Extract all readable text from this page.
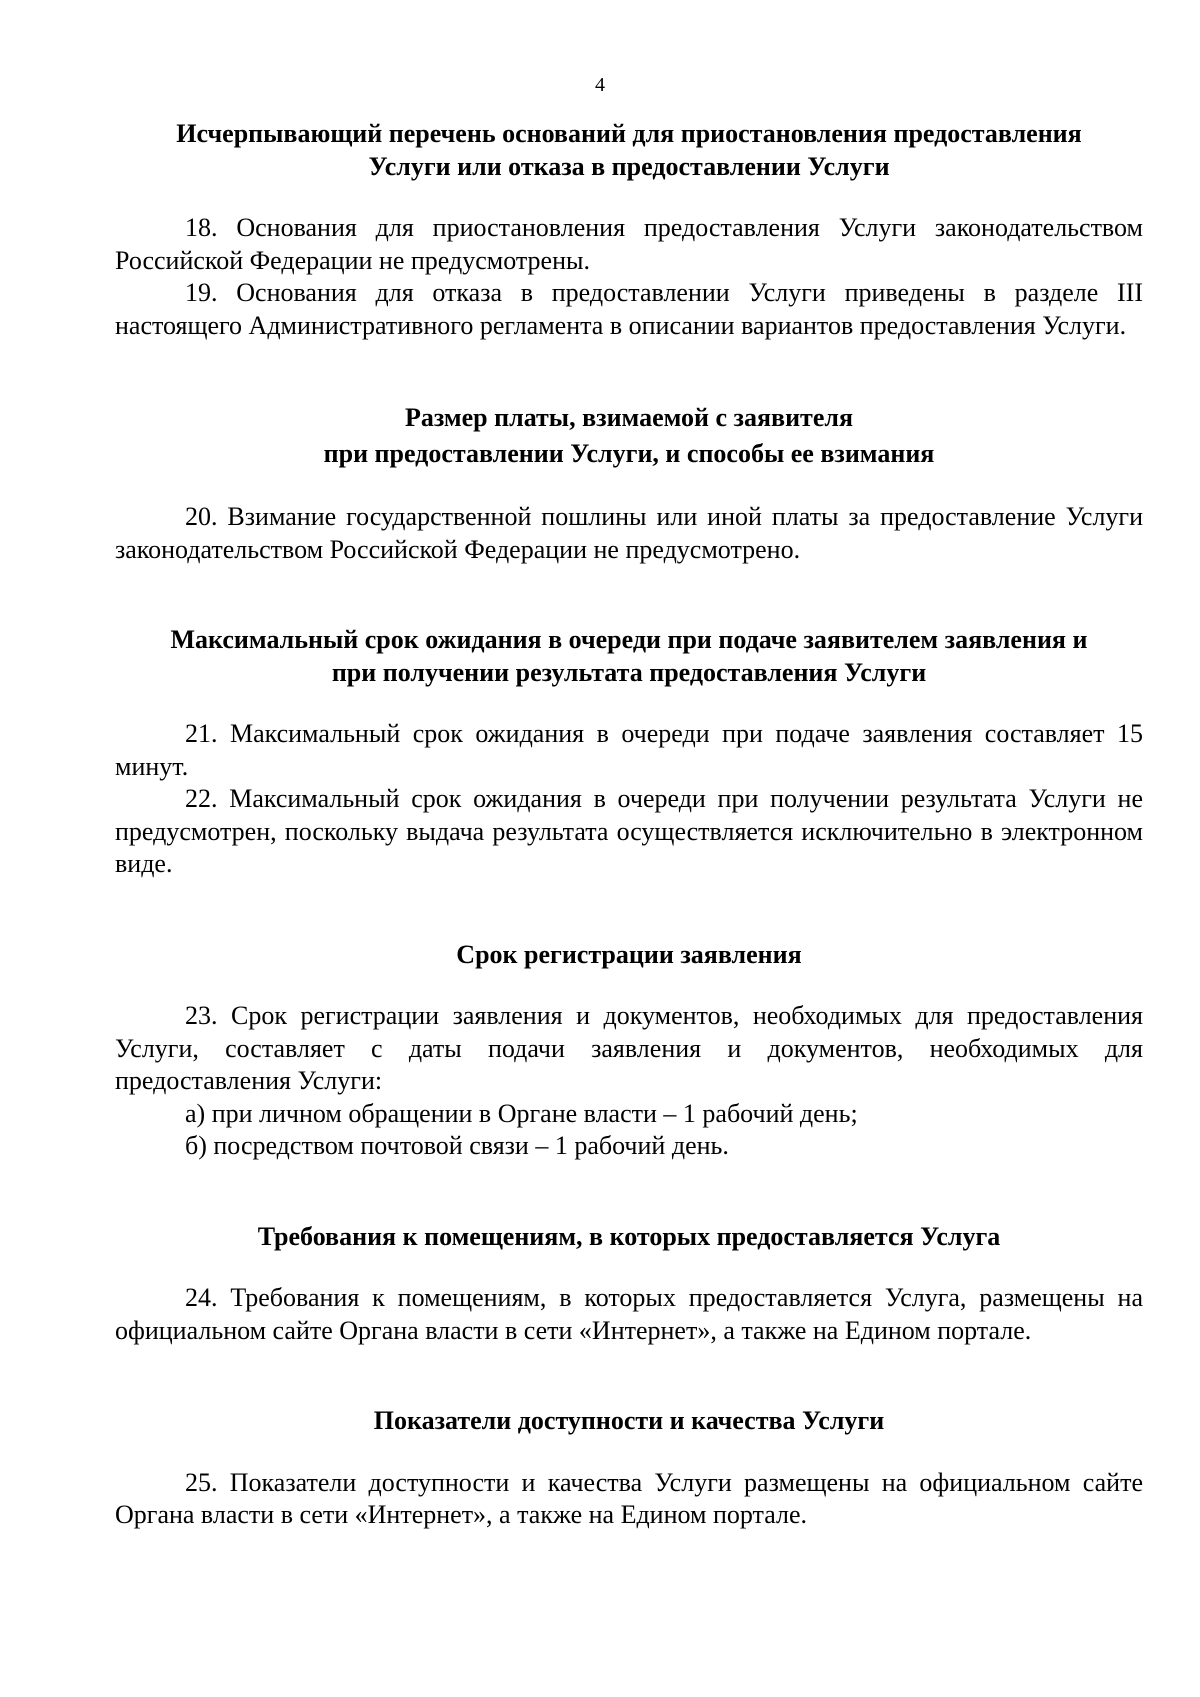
4

Исчерпывающий перечень оснований для приостановления предоставления
Услуги или отказа в предоставлении Услуги

18. Основания для приостановления предоставления Услуги законодательством Российской Федерации не предусмотрены.

19. Основания для отказа в предоставлении Услуги приведены в разделе III настоящего Административного регламента в описании вариантов предоставления Услуги.

Размер платы, взимаемой с заявителя
при предоставлении Услуги, и способы ее взимания

20. Взимание государственной пошлины или иной платы за предоставление Услуги законодательством Российской Федерации не предусмотрено.

Максимальный срок ожидания в очереди при подаче заявителем заявления и
при получении результата предоставления Услуги

21. Максимальный срок ожидания в очереди при подаче заявления составляет 15 минут.

22. Максимальный срок ожидания в очереди при получении результата Услуги не предусмотрен, поскольку выдача результата осуществляется исключительно в электронном виде.

Срок регистрации заявления

23. Срок регистрации заявления и документов, необходимых для предоставления Услуги, составляет с даты подачи заявления и документов, необходимых для предоставления Услуги:

а) при личном обращении в Органе власти – 1 рабочий день;

б) посредством почтовой связи – 1 рабочий день.

Требования к помещениям, в которых предоставляется Услуга

24. Требования к помещениям, в которых предоставляется Услуга, размещены на официальном сайте Органа власти в сети «Интернет», а также на Едином портале.

Показатели доступности и качества Услуги

25. Показатели доступности и качества Услуги размещены на официальном сайте Органа власти в сети «Интернет», а также на Едином портале.
